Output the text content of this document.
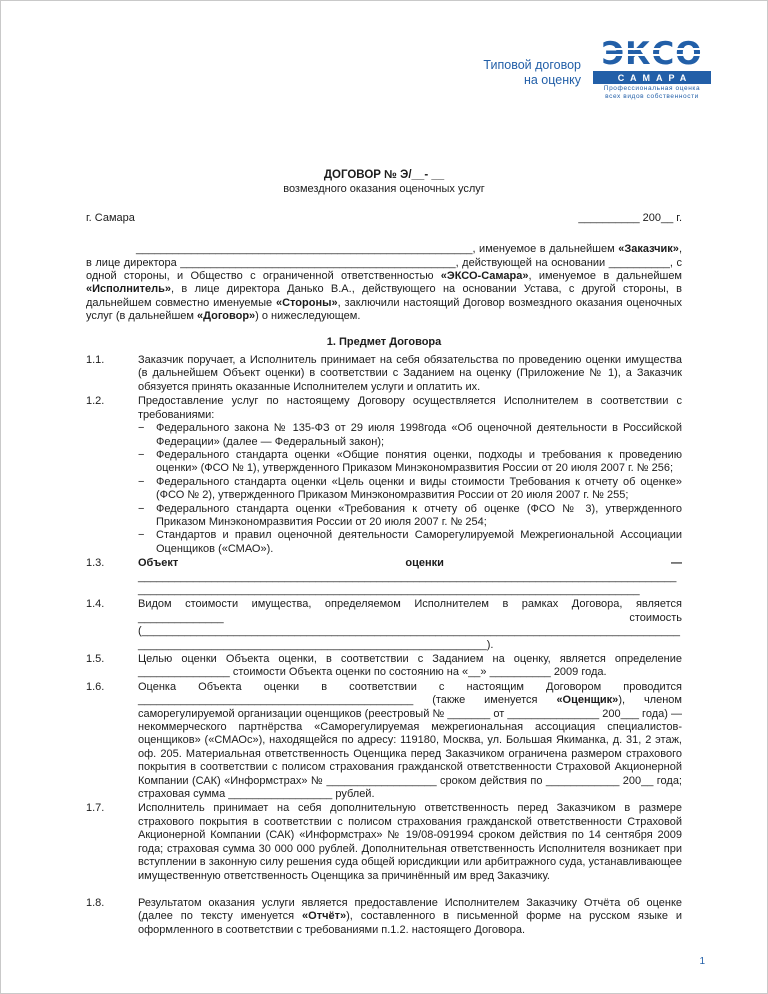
Типовой договор
на оценку	САМАРА
Профессиональная оценка
всех видов собственности
ДОГОВОР № Э/__- __
возмездного оказания оценочных услуг
г. Самара	__________ 200__ г.

_______________________________________________________, именуемое в дальнейшем «Заказчик», в лице директора _____________________________________________, действующей на основании __________, с одной стороны, и Общество с ограниченной ответственностью «ЭКСО-Самара», именуемое в дальнейшем «Исполнитель», в лице директора Данько В.А., действующего на основании Устава, с другой стороны, в дальнейшем совместно именуемые «Стороны», заключили настоящий Договор возмездного оказания оценочных услуг (в дальнейшем «Договор») о нижеследующем.

1. Предмет Договора
1.1.	Заказчик поручает, а Исполнитель принимает на себя обязательства по проведению оценки имущества (в дальнейшем Объект оценки) в соответствии с Заданием на оценку (Приложение № 1), а Заказчик обязуется принять оказанные Исполнителем услуги и оплатить их.
1.2.	Предоставление услуг по настоящему Договору осуществляется Исполнителем в соответствии с требованиями:
− Федерального закона № 135-ФЗ от 29 июля 1998года «Об оценочной деятельности в Российской Федерации» (далее — Федеральный закон);
− Федерального стандарта оценки «Общие понятия оценки, подходы и требования к проведению оценки» (ФСО № 1), утвержденного Приказом Минэкономразвития России от 20 июля 2007 г. № 256;
− Федерального стандарта оценки «Цель оценки и виды стоимости Требования к отчету об оценке» (ФСО № 2), утвержденного Приказом Минэкономразвития России от 20 июля 2007 г. № 255;
− Федерального стандарта оценки «Требования к отчету об оценке (ФСО № 3), утвержденного Приказом Минэкономразвития России от 20 июля 2007 г. № 254;
− Стандартов и правил оценочной деятельности Саморегулируемой Межрегиональной Ассоциации Оценщиков («СМАО»).
1.3.	Объект оценки — __________________________________________________________________________________________________________________________________________________________________________
1.4.	Видом стоимости имущества, определяемом Исполнителем в рамках Договора, является ______________ стоимость (_________________________________________________________________________________________________________________________________________________).
1.5.	Целью оценки Объекта оценки, в соответствии с Заданием на оценку, является определение _______________ стоимости Объекта оценки по состоянию на «__» __________ 2009 года.
1.6.	Оценка Объекта оценки в соответствии с настоящим Договором проводится _____________________________________________ (также именуется «Оценщик»), членом саморегулируемой организации оценщиков (реестровый № _______ от _______________ 200___ года) — некоммерческого партнёрства «Саморегулируемая межрегиональная ассоциация специалистов-оценщиков» («СМАОс»), находящейся по адресу: 119180, Москва, ул. Большая Якиманка, д. 31, 2 этаж, оф. 205. Материальная ответственность Оценщика перед Заказчиком ограничена размером страхового покрытия в соответствии с полисом страхования гражданской ответственности Страховой Акционерной Компании (САК) «Информстрах» № __________________ сроком действия по ____________ 200__ года; страховая сумма _________________ рублей.
1.7.	Исполнитель принимает на себя дополнительную ответственность перед Заказчиком в размере страхового покрытия в соответствии с полисом страхования гражданской ответственности Страховой Акционерной Компании (САК) «Информстрах» № 19/08-091994 сроком действия по 14 сентября 2009 года; страховая сумма 30 000 000 рублей. Дополнительная ответственность Исполнителя возникает при вступлении в законную силу решения суда общей юрисдикции или арбитражного суда, устанавливающее имущественную ответственность Оценщика за причинённый им вред Заказчику.
1.8.	Результатом оказания услуги является предоставление Исполнителем Заказчику Отчёта об оценке (далее по тексту именуется «Отчёт»), составленного в письменной форме на русском языке и оформленного в соответствии с требованиями п.1.2. настоящего Договора.
1
